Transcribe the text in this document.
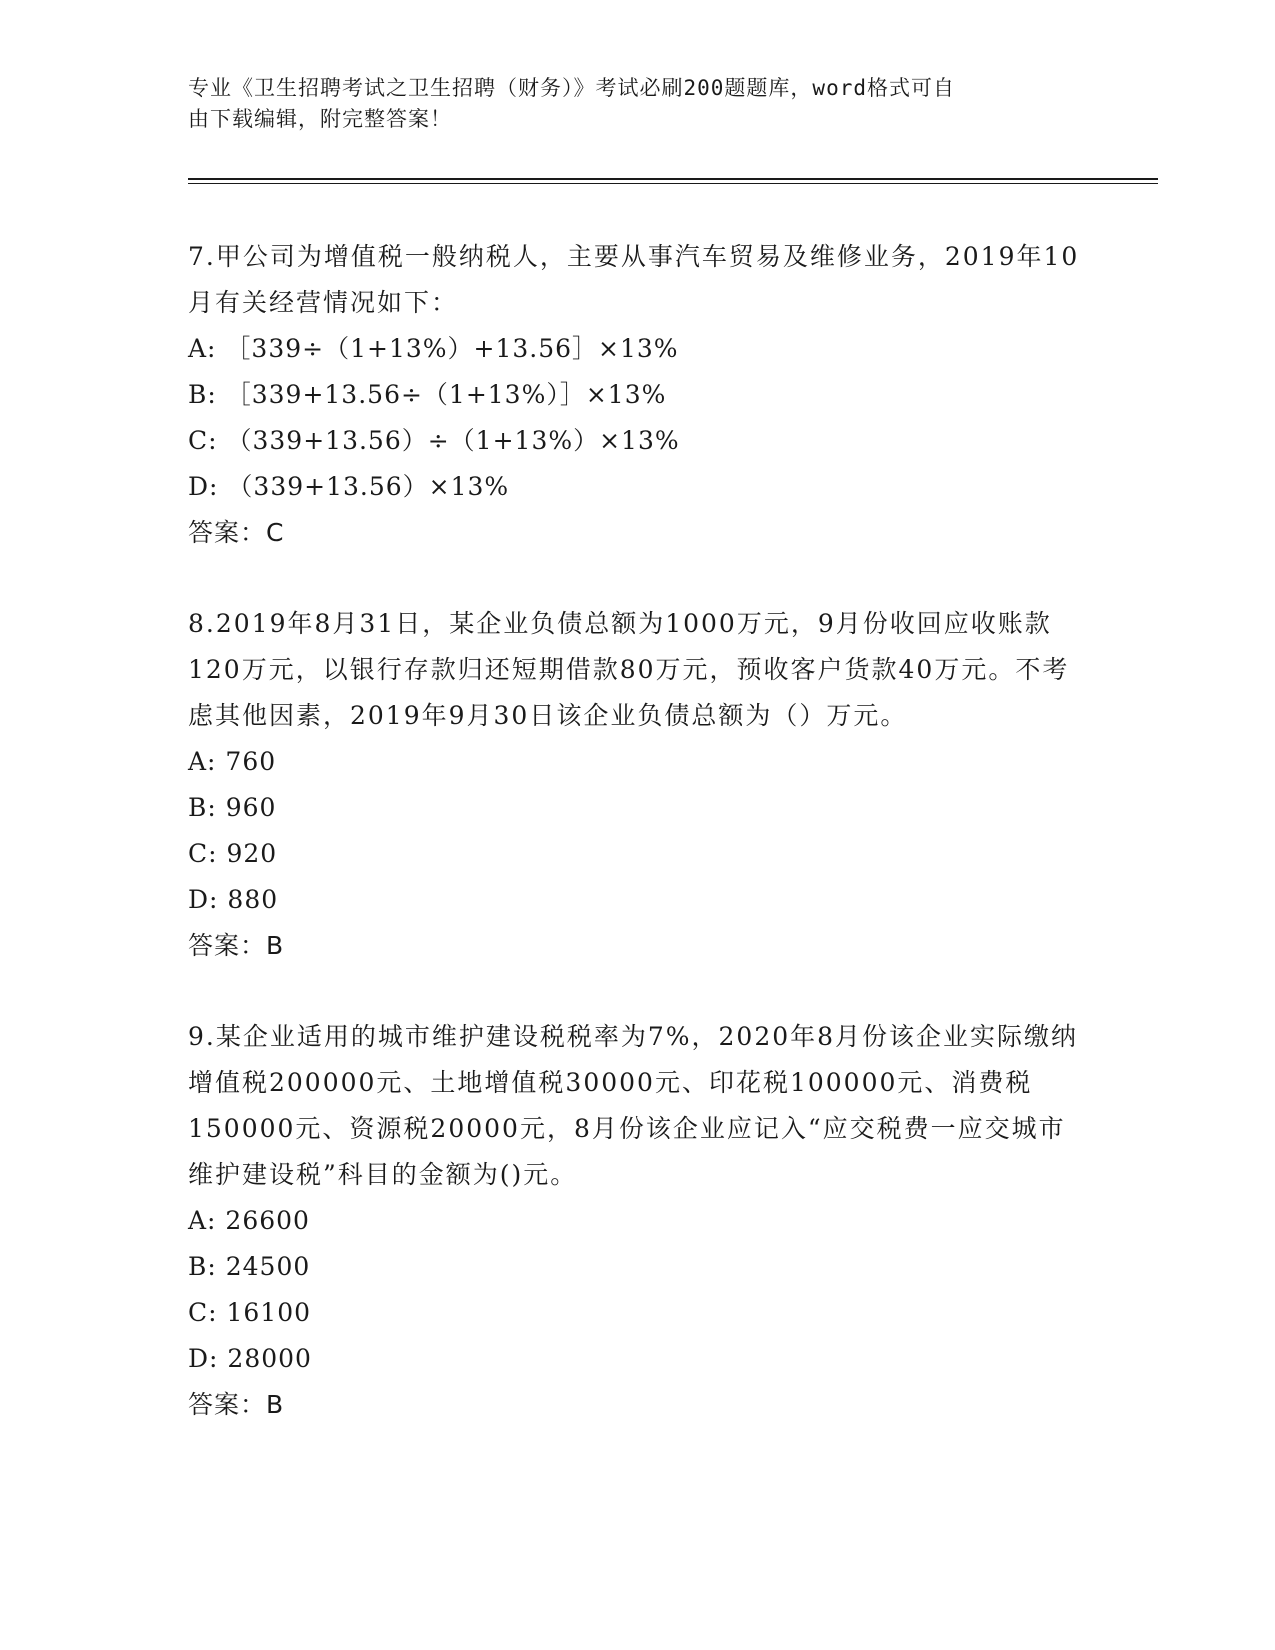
专业《卫生招聘考试之卫生招聘（财务）》考试必刷200题题库，word格式可自
由下载编辑，附完整答案！

7.甲公司为增值税一般纳税人，主要从事汽车贸易及维修业务，2019年10月有关经营情况如下：

A: ［339÷（1+13%）+13.56］×13%

B: ［339+13.56÷（1+13%）］×13%

C: （339+13.56）÷（1+13%）×13%

D: （339+13.56）×13%

答案：C

8.2019年8月31日，某企业负债总额为1000万元，9月份收回应收账款120万元，以银行存款归还短期借款80万元，预收客户货款40万元。不考虑其他因素，2019年9月30日该企业负债总额为（）万元。

A: 760

B: 960

C: 920

D: 880

答案：B

9.某企业适用的城市维护建设税税率为7%，2020年8月份该企业实际缴纳增值税200000元、土地增值税30000元、印花税100000元、消费税150000元、资源税20000元，8月份该企业应记入“应交税费一应交城市维护建设税”科目的金额为()元。

A: 26600

B: 24500

C: 16100

D: 28000

答案：B
